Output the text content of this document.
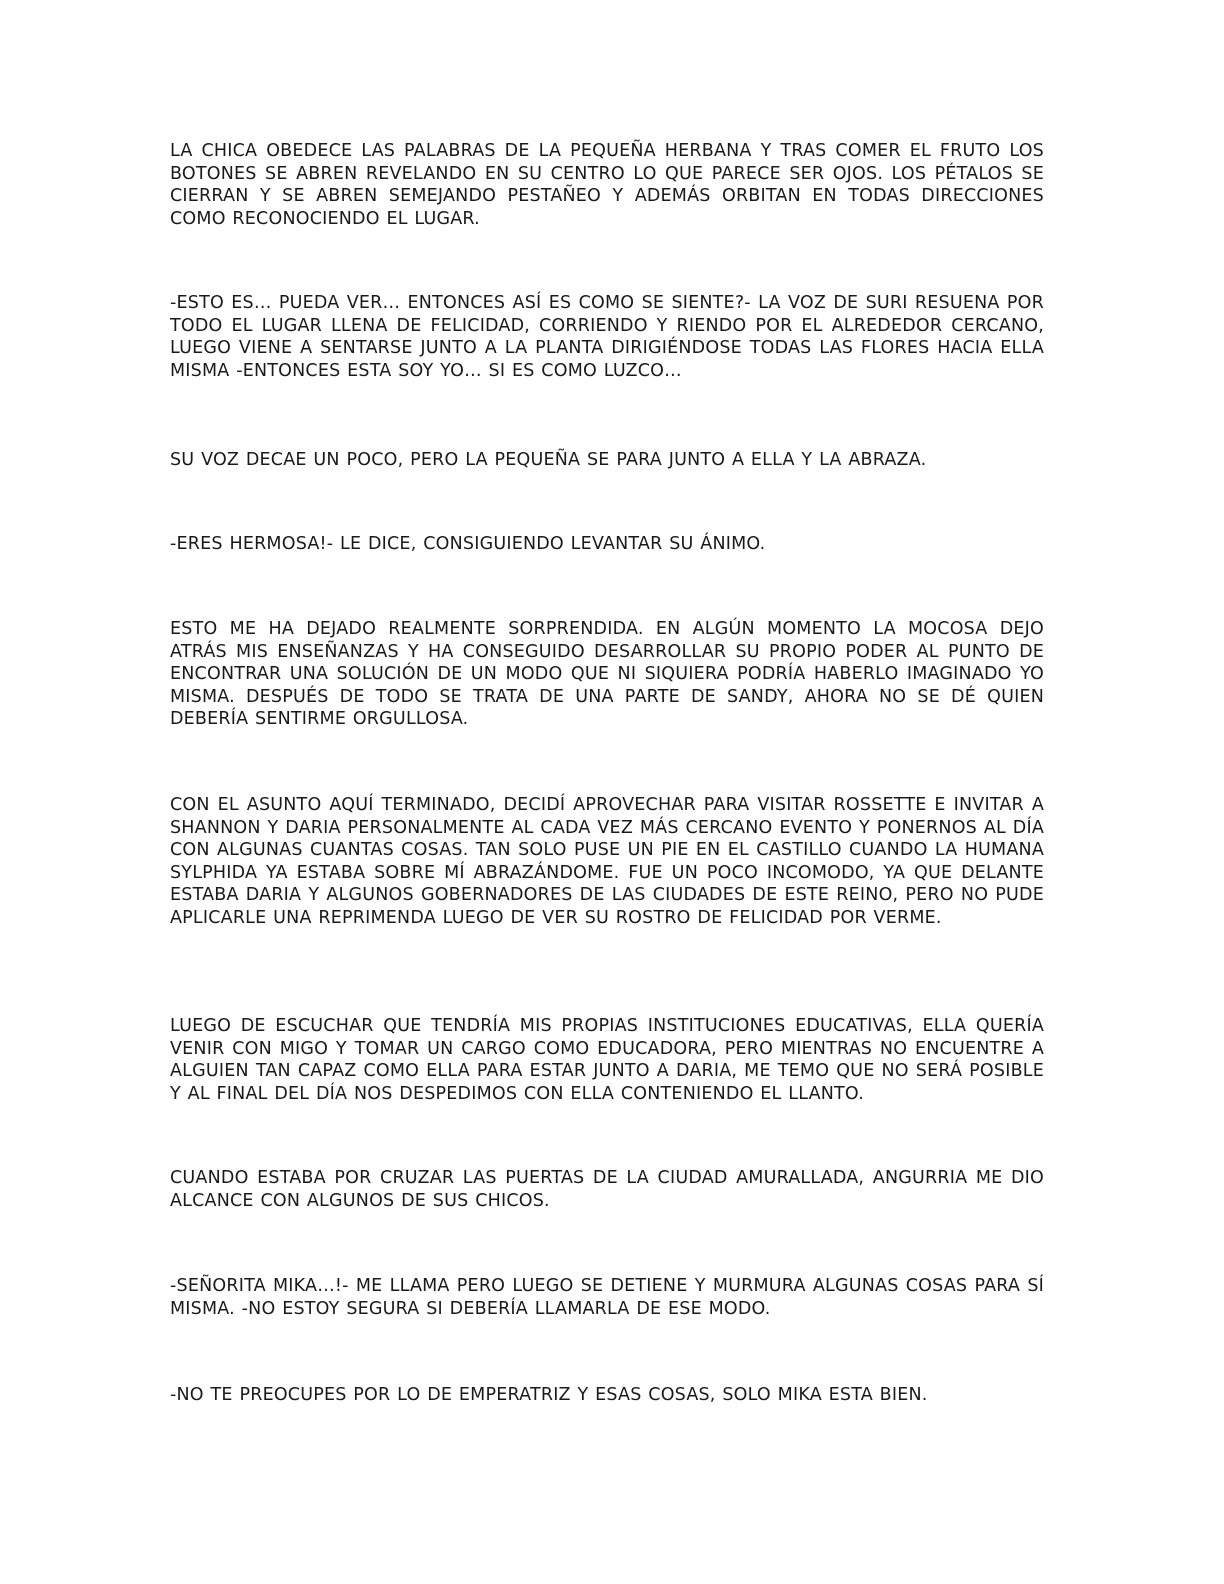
LA CHICA OBEDECE LAS PALABRAS DE LA PEQUEÑA HERBANA Y TRAS COMER EL FRUTO LOS BOTONES SE ABREN REVELANDO EN SU CENTRO LO QUE PARECE SER OJOS. LOS PÉTALOS SE CIERRAN Y SE ABREN SEMEJANDO PESTAÑEO Y ADEMÁS ORBITAN EN TODAS DIRECCIONES COMO RECONOCIENDO EL LUGAR.

-ESTO ES… PUEDA VER… ENTONCES ASÍ ES COMO SE SIENTE?- LA VOZ DE SURI RESUENA POR TODO EL LUGAR LLENA DE FELICIDAD, CORRIENDO Y RIENDO POR EL ALREDEDOR CERCANO, LUEGO VIENE A SENTARSE JUNTO A LA PLANTA DIRIGIÉNDOSE TODAS LAS FLORES HACIA ELLA MISMA -ENTONCES ESTA SOY YO… SI ES COMO LUZCO…

SU VOZ DECAE UN POCO, PERO LA PEQUEÑA SE PARA JUNTO A ELLA Y LA ABRAZA.

-ERES HERMOSA!- LE DICE, CONSIGUIENDO LEVANTAR SU ÁNIMO.

ESTO ME HA DEJADO REALMENTE SORPRENDIDA. EN ALGÚN MOMENTO LA MOCOSA DEJO ATRÁS MIS ENSEÑANZAS Y HA CONSEGUIDO DESARROLLAR SU PROPIO PODER AL PUNTO DE ENCONTRAR UNA SOLUCIÓN DE UN MODO QUE NI SIQUIERA PODRÍA HABERLO IMAGINADO YO MISMA. DESPUÉS DE TODO SE TRATA DE UNA PARTE DE SANDY, AHORA NO SE DÉ QUIEN DEBERÍA SENTIRME ORGULLOSA.

CON EL ASUNTO AQUÍ TERMINADO, DECIDÍ APROVECHAR PARA VISITAR ROSSETTE E INVITAR A SHANNON Y DARIA PERSONALMENTE AL CADA VEZ MÁS CERCANO EVENTO Y PONERNOS AL DÍA CON ALGUNAS CUANTAS COSAS. TAN SOLO PUSE UN PIE EN EL CASTILLO CUANDO LA HUMANA SYLPHIDA YA ESTABA SOBRE MÍ ABRAZÁNDOME. FUE UN POCO INCOMODO, YA QUE DELANTE ESTABA DARIA Y ALGUNOS GOBERNADORES DE LAS CIUDADES DE ESTE REINO, PERO NO PUDE APLICARLE UNA REPRIMENDA LUEGO DE VER SU ROSTRO DE FELICIDAD POR VERME.

LUEGO DE ESCUCHAR QUE TENDRÍA MIS PROPIAS INSTITUCIONES EDUCATIVAS, ELLA QUERÍA VENIR CON MIGO Y TOMAR UN CARGO COMO EDUCADORA, PERO MIENTRAS NO ENCUENTRE A ALGUIEN TAN CAPAZ COMO ELLA PARA ESTAR JUNTO A DARIA, ME TEMO QUE NO SERÁ POSIBLE Y AL FINAL DEL DÍA NOS DESPEDIMOS CON ELLA CONTENIENDO EL LLANTO.

CUANDO ESTABA POR CRUZAR LAS PUERTAS DE LA CIUDAD AMURALLADA, ANGURRIA ME DIO ALCANCE CON ALGUNOS DE SUS CHICOS.

-SEÑORITA MIKA…!- ME LLAMA PERO LUEGO SE DETIENE Y MURMURA ALGUNAS COSAS PARA SÍ MISMA. -NO ESTOY SEGURA SI DEBERÍA LLAMARLA DE ESE MODO.

-NO TE PREOCUPES POR LO DE EMPERATRIZ Y ESAS COSAS, SOLO MIKA ESTA BIEN.
